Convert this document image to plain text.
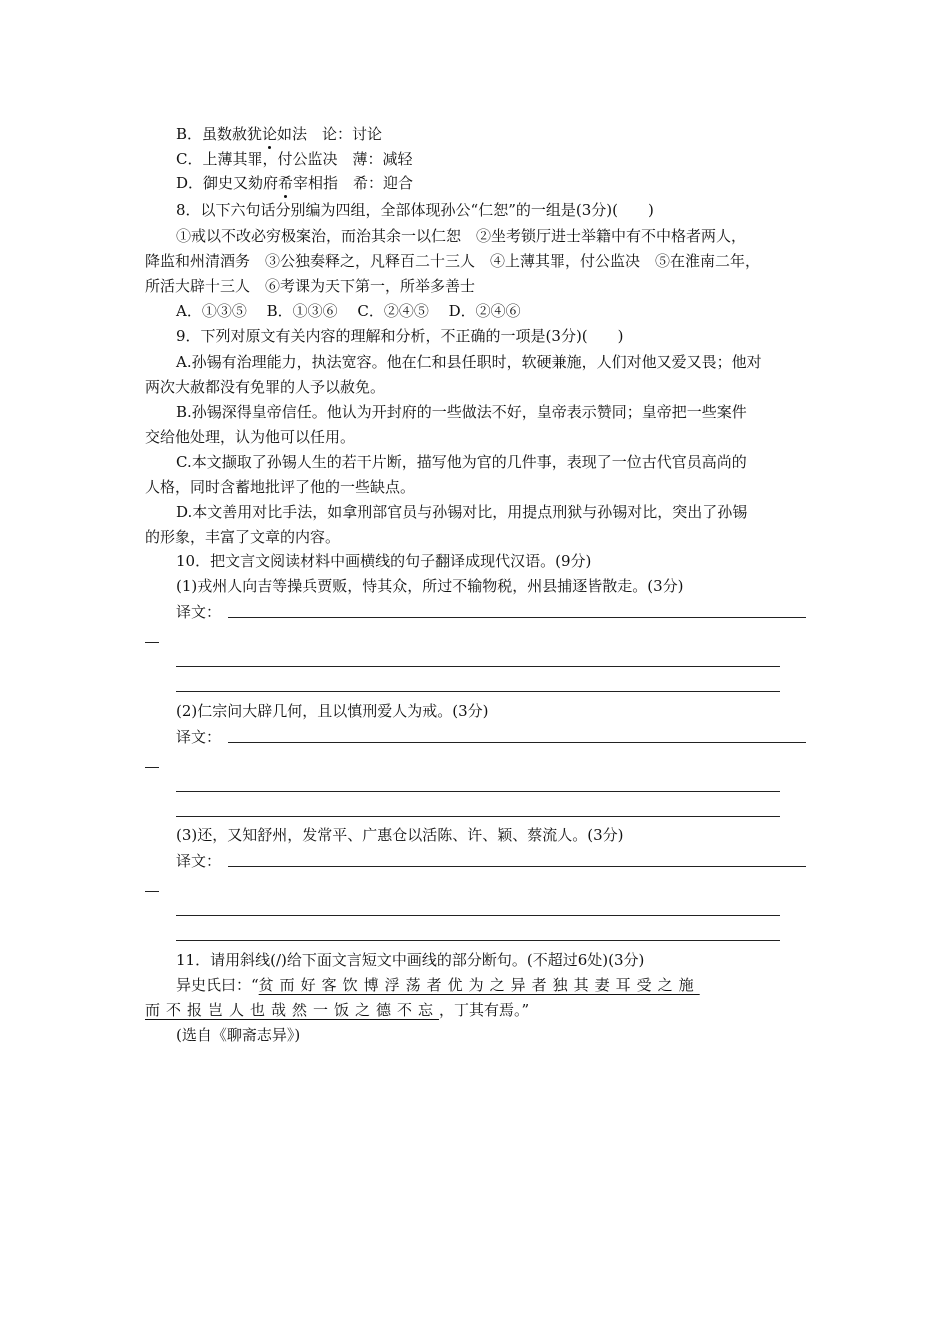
B．虽数赦犹论如法　论：讨论
C．上薄其罪，付公监决　薄：减轻
D．御史又劾府希宰相指　希：迎合
8．以下六句话分别编为四组，全部体现孙公“仁恕”的一组是(3分)(　　)
①戒以不改必穷极案治，而治其余一以仁恕　②坐考锁厅进士举籍中有不中格者两人，
降监和州清酒务　③公独奏释之，凡释百二十三人　④上薄其罪，付公监决　⑤在淮南二年，
所活大辟十三人　⑥考课为天下第一，所举多善士
A．①③⑤　 B．①③⑥　 C．②④⑤　 D．②④⑥
9．下列对原文有关内容的理解和分析，不正确的一项是(3分)(　　)
A.孙锡有治理能力，执法宽容。他在仁和县任职时，软硬兼施，人们对他又爱又畏；他对
两次大赦都没有免罪的人予以赦免。
B.孙锡深得皇帝信任。他认为开封府的一些做法不好，皇帝表示赞同；皇帝把一些案件
交给他处理，认为他可以任用。
C.本文撷取了孙锡人生的若干片断，描写他为官的几件事，表现了一位古代官员高尚的
人格，同时含蓄地批评了他的一些缺点。
D.本文善用对比手法，如拿刑部官员与孙锡对比，用提点刑狱与孙锡对比，突出了孙锡
的形象，丰富了文章的内容。
10．把文言文阅读材料中画横线的句子翻译成现代汉语。(9分)
(1)戎州人向吉等操兵贾贩，恃其众，所过不输物税，州县捕逐皆散走。(3分)
译文：
(2)仁宗问大辟几何，且以慎刑爱人为戒。(3分)
译文：
(3)还，又知舒州，发常平、广惠仓以活陈、许、颖、蔡流人。(3分)
译文：
11．请用斜线(/)给下面文言短文中画线的部分断句。(不超过6处)(3分)
异史氏曰：“贫而好客饮博浮荡者优为之异者独其妻耳受之施
而不报岂人也哉然一饭之德不忘，丁其有焉。”
(选自《聊斋志异》)
